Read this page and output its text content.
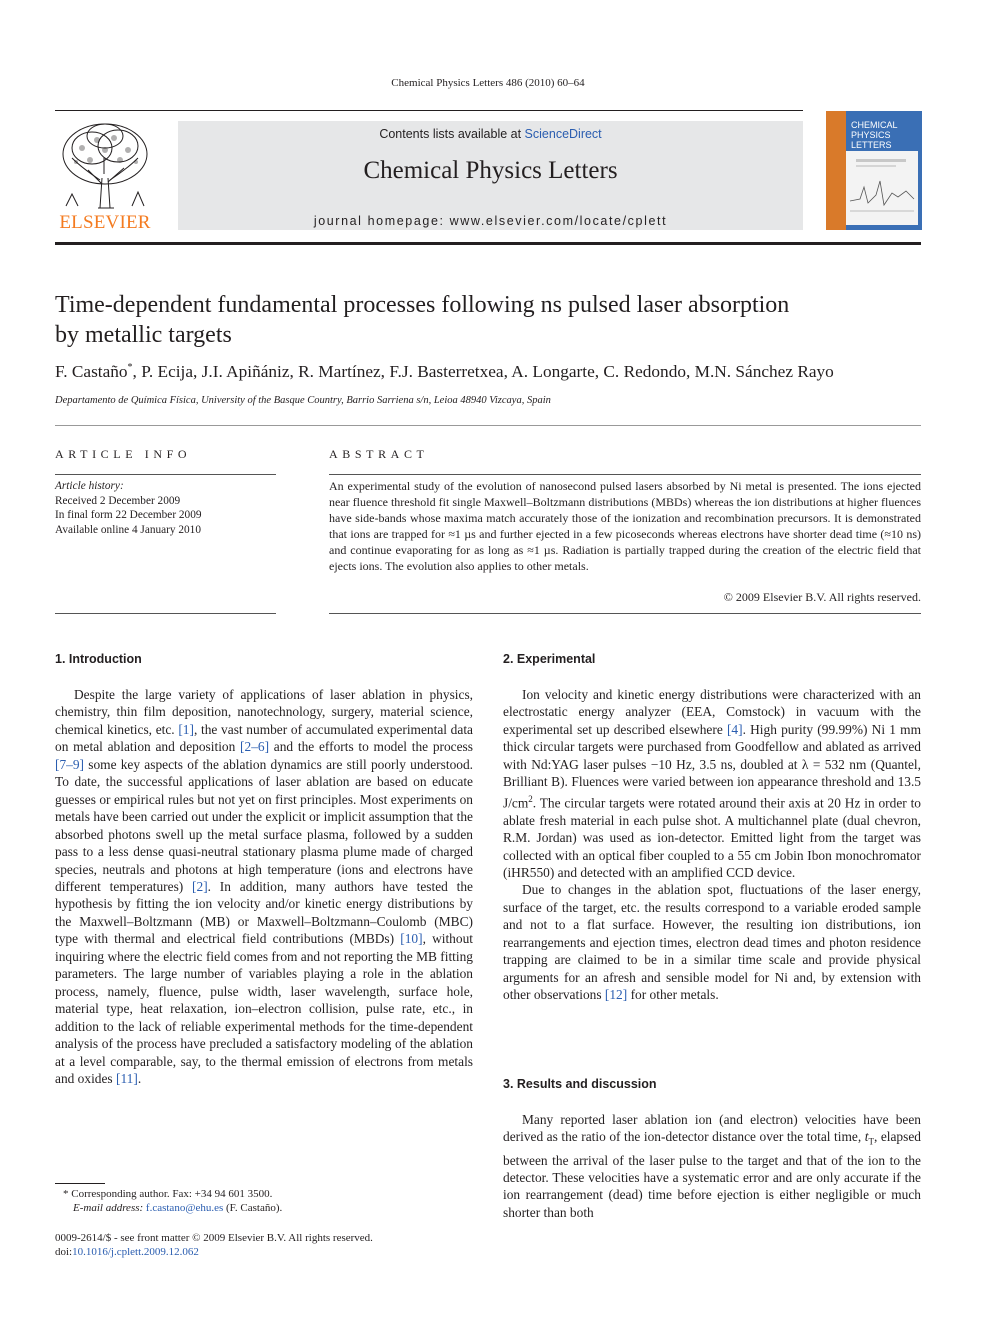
Chemical Physics Letters 486 (2010) 60–64
ELSEVIER
Contents lists available at ScienceDirect
Chemical Physics Letters
journal homepage: www.elsevier.com/locate/cplett
CHEMICAL
PHYSICS
LETTERS
Time-dependent fundamental processes following ns pulsed laser absorption
by metallic targets
F. Castaño*, P. Ecija, J.I. Apiñániz, R. Martínez, F.J. Basterretxea, A. Longarte, C. Redondo, M.N. Sánchez Rayo
Departamento de Química Física, University of the Basque Country, Barrio Sarriena s/n, Leioa 48940 Vizcaya, Spain
ARTICLE INFO
Article history:
Received 2 December 2009
In final form 22 December 2009
Available online 4 January 2010
ABSTRACT
An experimental study of the evolution of nanosecond pulsed lasers absorbed by Ni metal is presented. The ions ejected near fluence threshold fit single Maxwell–Boltzmann distributions (MBDs) whereas the ion distributions at higher fluences have side-bands whose maxima match accurately those of the ionization and recombination precursors. It is demonstrated that ions are trapped for ≈1 µs and further ejected in a few picoseconds whereas electrons have shorter dead time (≈10 ns) and continue evaporating for as long as ≈1 µs. Radiation is partially trapped during the creation of the electric field that ejects ions. The evolution also applies to other metals.
© 2009 Elsevier B.V. All rights reserved.
1. Introduction

Despite the large variety of applications of laser ablation in physics, chemistry, thin film deposition, nanotechnology, surgery, material science, chemical kinetics, etc. [1], the vast number of accumulated experimental data on metal ablation and deposition [2–6] and the efforts to model the process [7–9] some key aspects of the ablation dynamics are still poorly understood. To date, the successful applications of laser ablation are based on educate guesses or empirical rules but not yet on first principles. Most experiments on metals have been carried out under the explicit or implicit assumption that the absorbed photons swell up the metal surface plasma, followed by a sudden pass to a less dense quasi-neutral stationary plasma plume made of charged species, neutrals and photons at high temperature (ions and electrons have different temperatures) [2]. In addition, many authors have tested the hypothesis by fitting the ion velocity and/or kinetic energy distributions by the Maxwell–Boltzmann (MB) or Maxwell–Boltzmann–Coulomb (MBC) type with thermal and electrical field contributions (MBDs) [10], without inquiring where the electric field comes from and not reporting the MB fitting parameters. The large number of variables playing a role in the ablation process, namely, fluence, pulse width, laser wavelength, surface hole, material type, heat relaxation, ion–electron collision, pulse rate, etc., in addition to the lack of reliable experimental methods for the time-dependent analysis of the process have precluded a satisfactory modeling of the ablation at a level comparable, say, to the thermal emission of electrons from metals and oxides [11].

2. Experimental

Ion velocity and kinetic energy distributions were characterized with an electrostatic energy analyzer (EEA, Comstock) in vacuum with the experimental set up described elsewhere [4]. High purity (99.99%) Ni 1 mm thick circular targets were purchased from Goodfellow and ablated as arrived with Nd:YAG laser pulses −10 Hz, 3.5 ns, doubled at λ = 532 nm (Quantel, Brilliant B). Fluences were varied between ion appearance threshold and 13.5 $J/cm^2$. The circular targets were rotated around their axis at 20 Hz in order to ablate fresh material in each pulse shot. A multichannel plate (dual chevron, R.M. Jordan) was used as ion-detector. Emitted light from the target was collected with an optical fiber coupled to a 55 cm Jobin Ibon monochromator (iHR550) and detected with an amplified CCD device.

Due to changes in the ablation spot, fluctuations of the laser energy, surface of the target, etc. the results correspond to a variable eroded sample and not to a flat surface. However, the resulting ion distributions, ion rearrangements and ejection times, electron dead times and photon residence trapping are claimed to be in a similar time scale and provide physical arguments for an afresh and sensible model for Ni and, by extension with other observations [12] for other metals.

3. Results and discussion

Many reported laser ablation ion (and electron) velocities have been derived as the ratio of the ion-detector distance over the total time, $t_T$, elapsed between the arrival of the laser pulse to the target and that of the ion to the detector. These velocities have a systematic error and are only accurate if the ion rearrangement (dead) time before ejection is either negligible or much shorter than both

* Corresponding author. Fax: +34 94 601 3500.
E-mail address: f.castano@ehu.es (F. Castaño).
0009-2614/$ - see front matter © 2009 Elsevier B.V. All rights reserved.
doi:10.1016/j.cplett.2009.12.062
